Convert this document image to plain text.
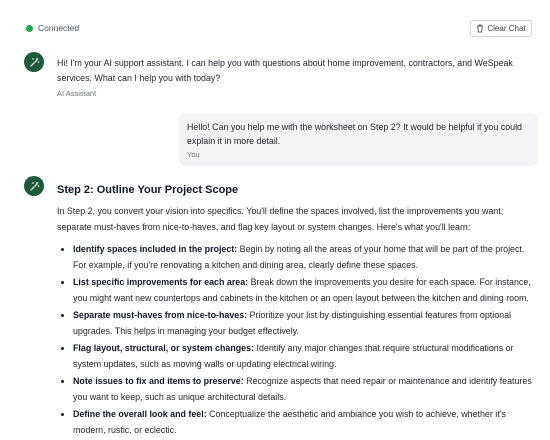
Connected	Clear Chat
Hi! I'm your AI support assistant. I can help you with questions about home improvement, contractors, and WeSpeak services. What can I help you with today?
AI Assistant
Hello! Can you help me with the worksheet on Step 2? It would be helpful if you could explain it in more detail.
You
Step 2: Outline Your Project Scope
In Step 2, you convert your vision into specifics. You'll define the spaces involved, list the improvements you want, separate must-haves from nice-to-haves, and flag key layout or system changes. Here's what you'll learn:
Identify spaces included in the project: Begin by noting all the areas of your home that will be part of the project. For example, if you're renovating a kitchen and dining area, clearly define these spaces.
List specific improvements for each area: Break down the improvements you desire for each space. For instance, you might want new countertops and cabinets in the kitchen or an open layout between the kitchen and dining room.
Separate must-haves from nice-to-haves: Prioritize your list by distinguishing essential features from optional upgrades. This helps in managing your budget effectively.
Flag layout, structural, or system changes: Identify any major changes that require structural modifications or system updates, such as moving walls or updating electrical wiring.
Note issues to fix and items to preserve: Recognize aspects that need repair or maintenance and identify features you want to keep, such as unique architectural details.
Define the overall look and feel: Conceptualize the aesthetic and ambiance you wish to achieve, whether it's modern, rustic, or eclectic.
